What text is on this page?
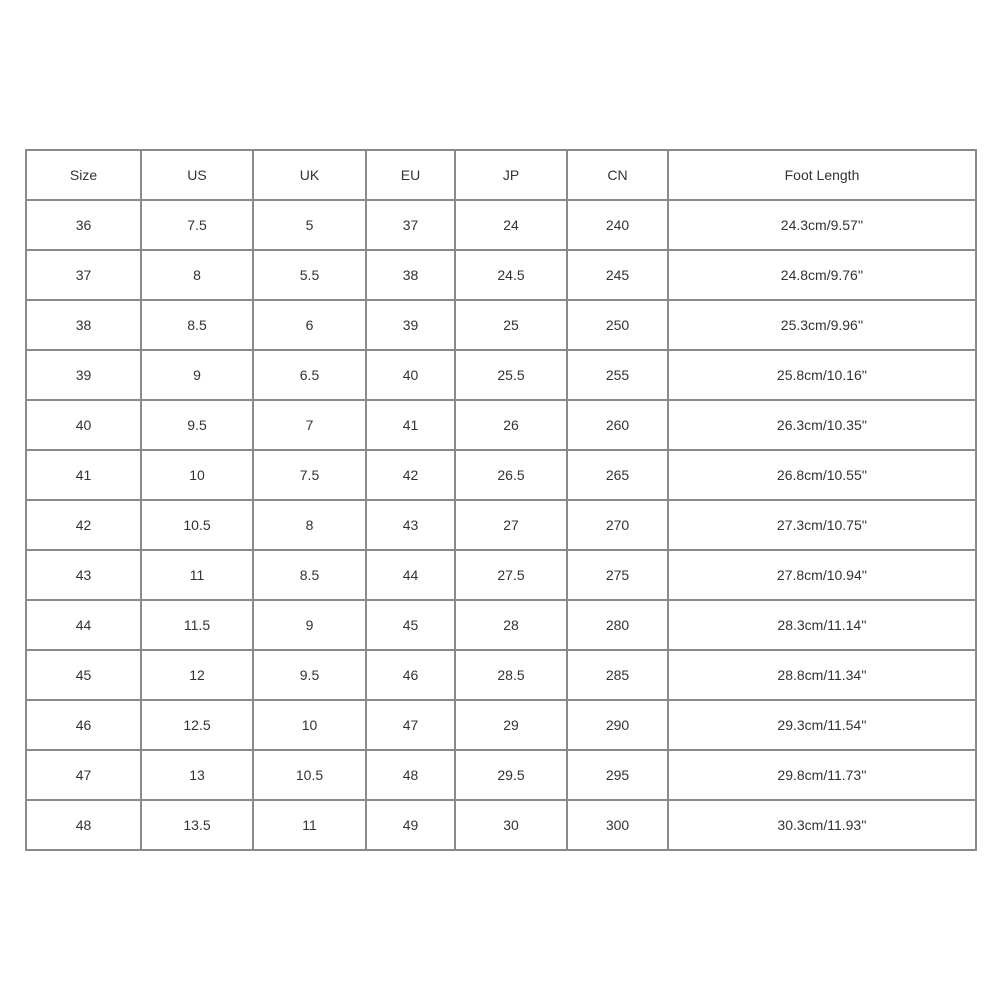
Size	US	UK	EU	JP	CN	Foot Length
36	7.5	5	37	24	240	24.3cm/9.57''
37	8	5.5	38	24.5	245	24.8cm/9.76''
38	8.5	6	39	25	250	25.3cm/9.96''
39	9	6.5	40	25.5	255	25.8cm/10.16''
40	9.5	7	41	26	260	26.3cm/10.35''
41	10	7.5	42	26.5	265	26.8cm/10.55''
42	10.5	8	43	27	270	27.3cm/10.75''
43	11	8.5	44	27.5	275	27.8cm/10.94''
44	11.5	9	45	28	280	28.3cm/11.14''
45	12	9.5	46	28.5	285	28.8cm/11.34''
46	12.5	10	47	29	290	29.3cm/11.54''
47	13	10.5	48	29.5	295	29.8cm/11.73''
48	13.5	11	49	30	300	30.3cm/11.93''
